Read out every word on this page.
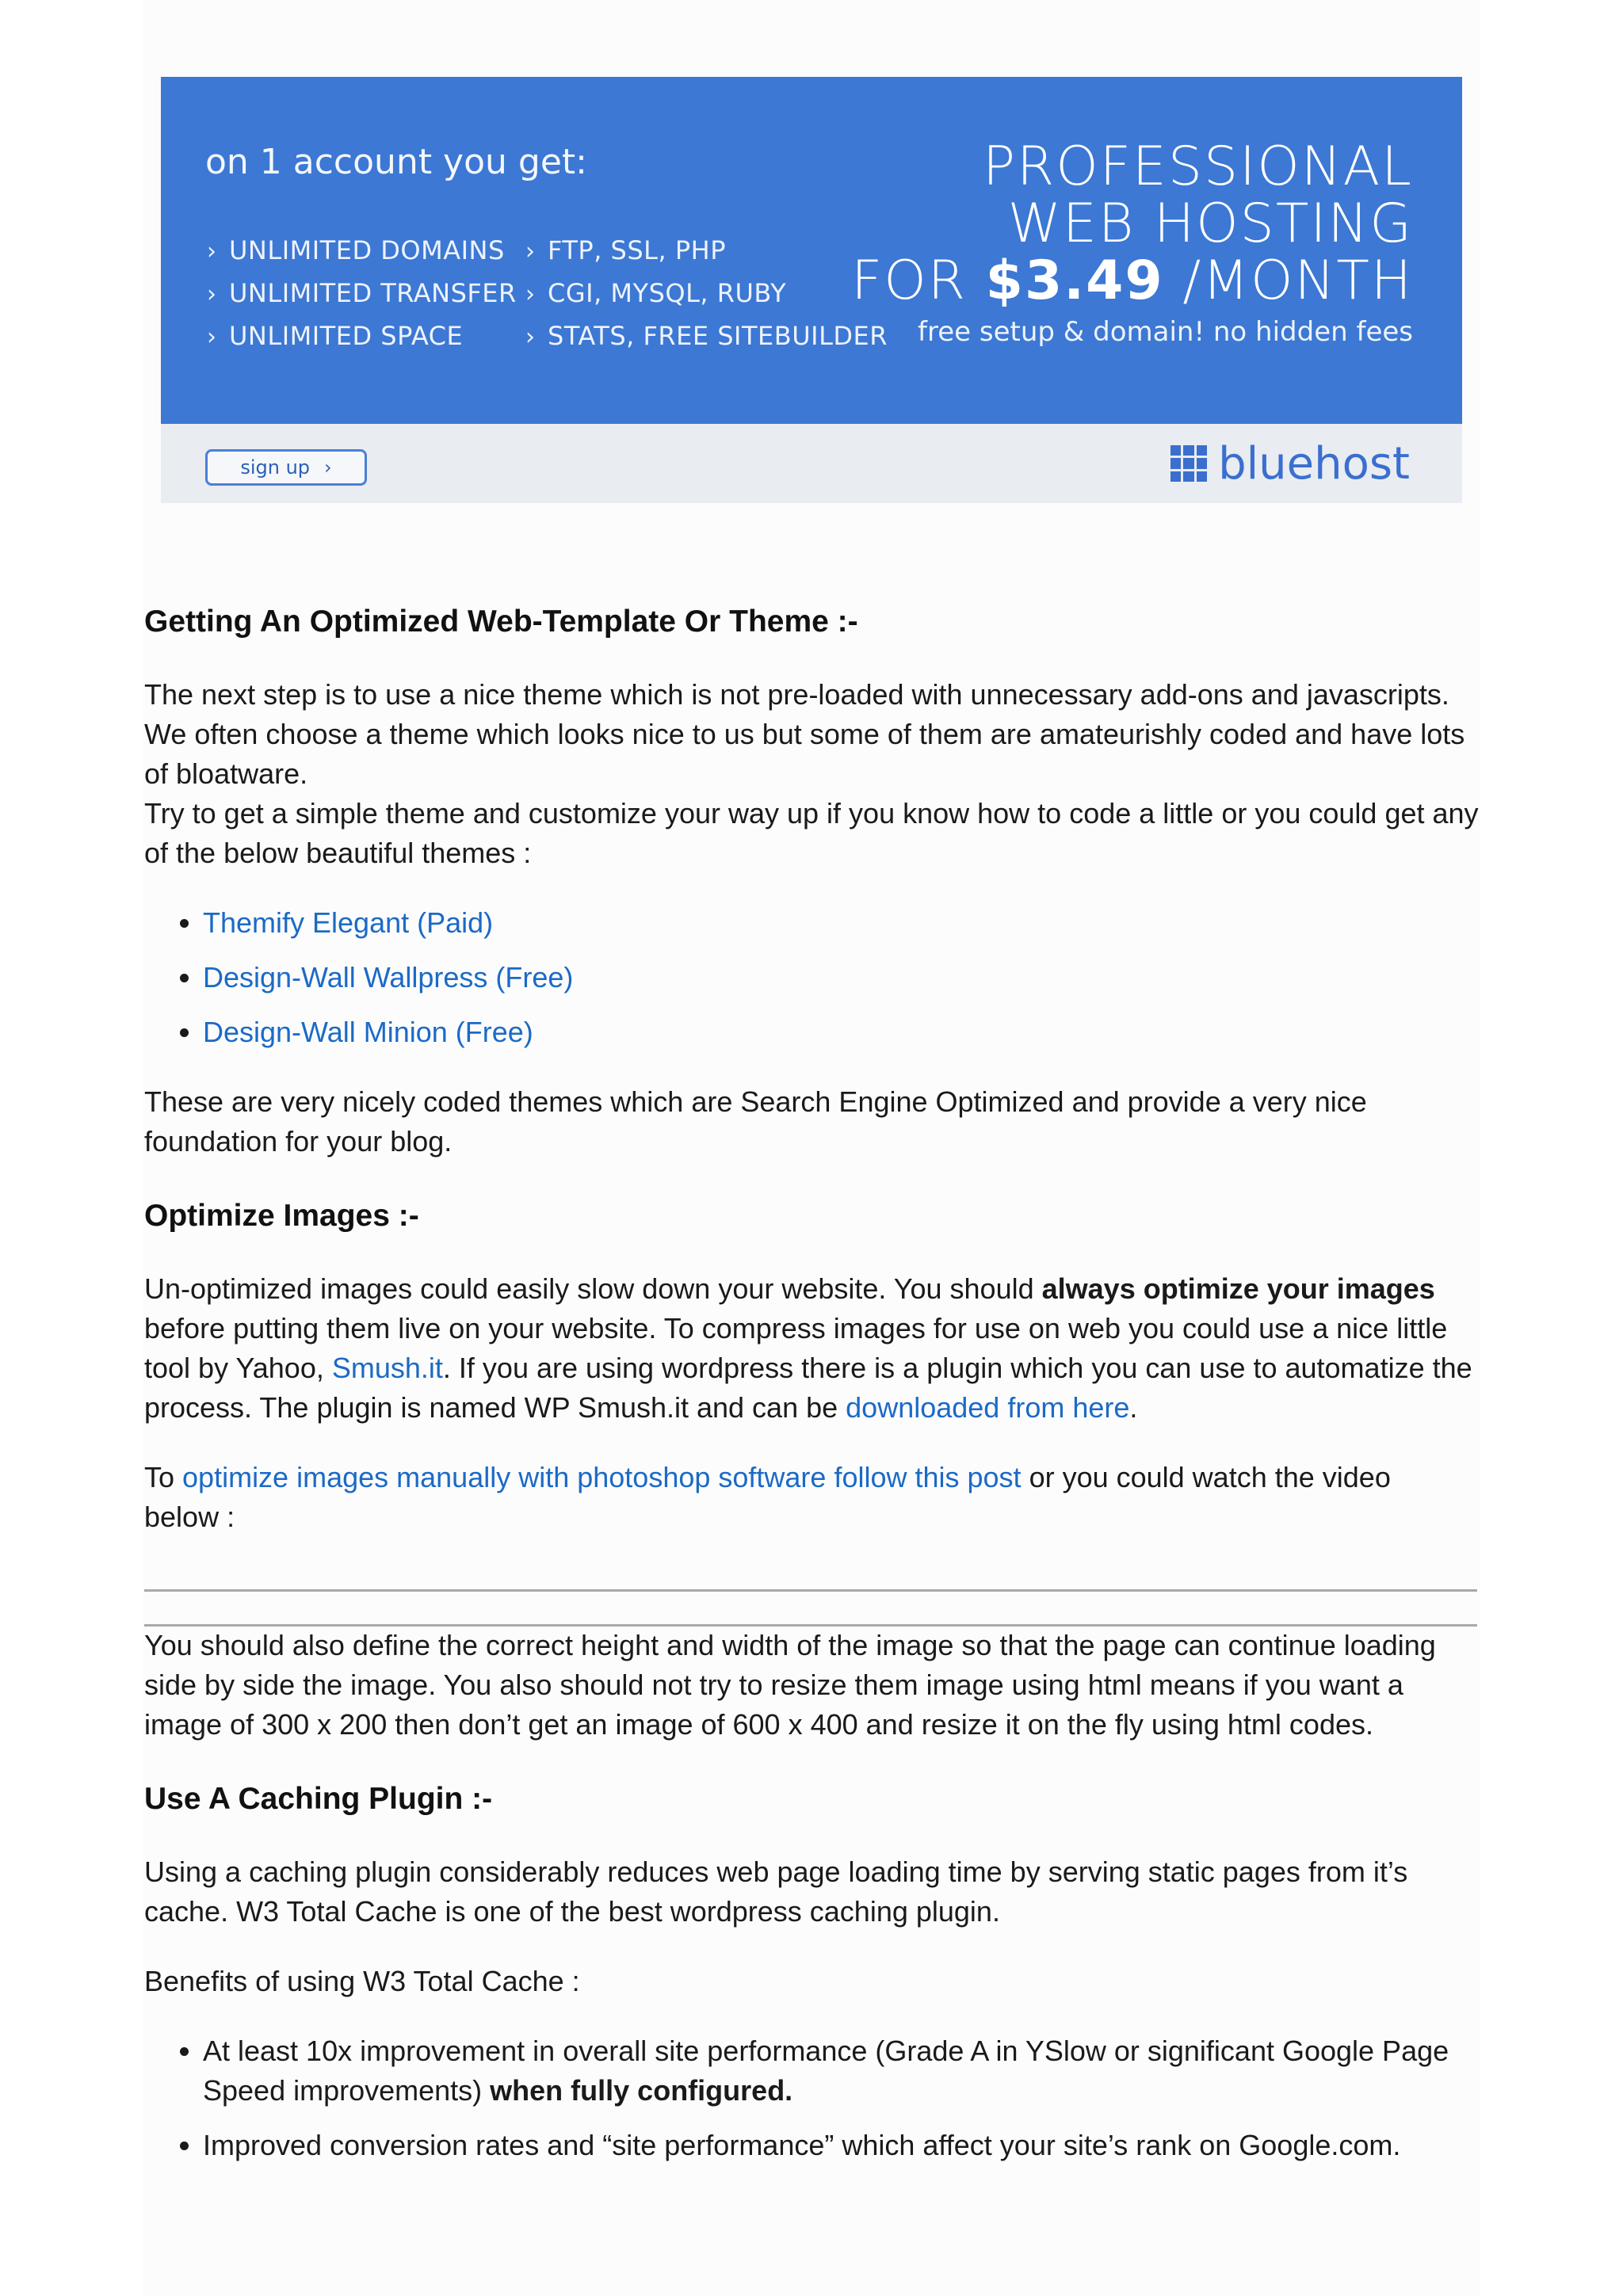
on 1 account you get:
› UNLIMITED DOMAINS
› UNLIMITED TRANSFER
› UNLIMITED SPACE
› FTP, SSL, PHP
› CGI, MYSQL, RUBY
› STATS, FREE SITEBUILDER
PROFESSIONAL
WEB HOSTING
FOR $3.49 /MONTH
free setup & domain! no hidden fees
sign up ›	bluehost
Getting An Optimized Web-Template Or Theme :-

The next step is to use a nice theme which is not pre-loaded with unnecessary add-ons and javascripts. We often choose a theme which looks nice to us but some of them are amateurishly coded and have lots of bloatware.

Try to get a simple theme and customize your way up if you know how to code a little or you could get any of the below beautiful themes :

• Themify Elegant (Paid)
• Design-Wall Wallpress (Free)
• Design-Wall Minion (Free)

These are very nicely coded themes which are Search Engine Optimized and provide a very nice foundation for your blog.

Optimize Images :-

Un-optimized images could easily slow down your website. You should always optimize your images before putting them live on your website. To compress images for use on web you could use a nice little tool by Yahoo, Smush.it. If you are using wordpress there is a plugin which you can use to automatize the process. The plugin is named WP Smush.it and can be downloaded from here.

To optimize images manually with photoshop software follow this post or you could watch the video below :

You should also define the correct height and width of the image so that the page can continue loading side by side the image. You also should not try to resize them image using html means if you want a image of 300 x 200 then don’t get an image of 600 x 400 and resize it on the fly using html codes.

Use A Caching Plugin :-

Using a caching plugin considerably reduces web page loading time by serving static pages from it’s cache. W3 Total Cache is one of the best wordpress caching plugin.

Benefits of using W3 Total Cache :

• At least 10x improvement in overall site performance (Grade A in YSlow or significant Google Page Speed improvements) when fully configured.
• Improved conversion rates and “site performance” which affect your site’s rank on Google.com.
